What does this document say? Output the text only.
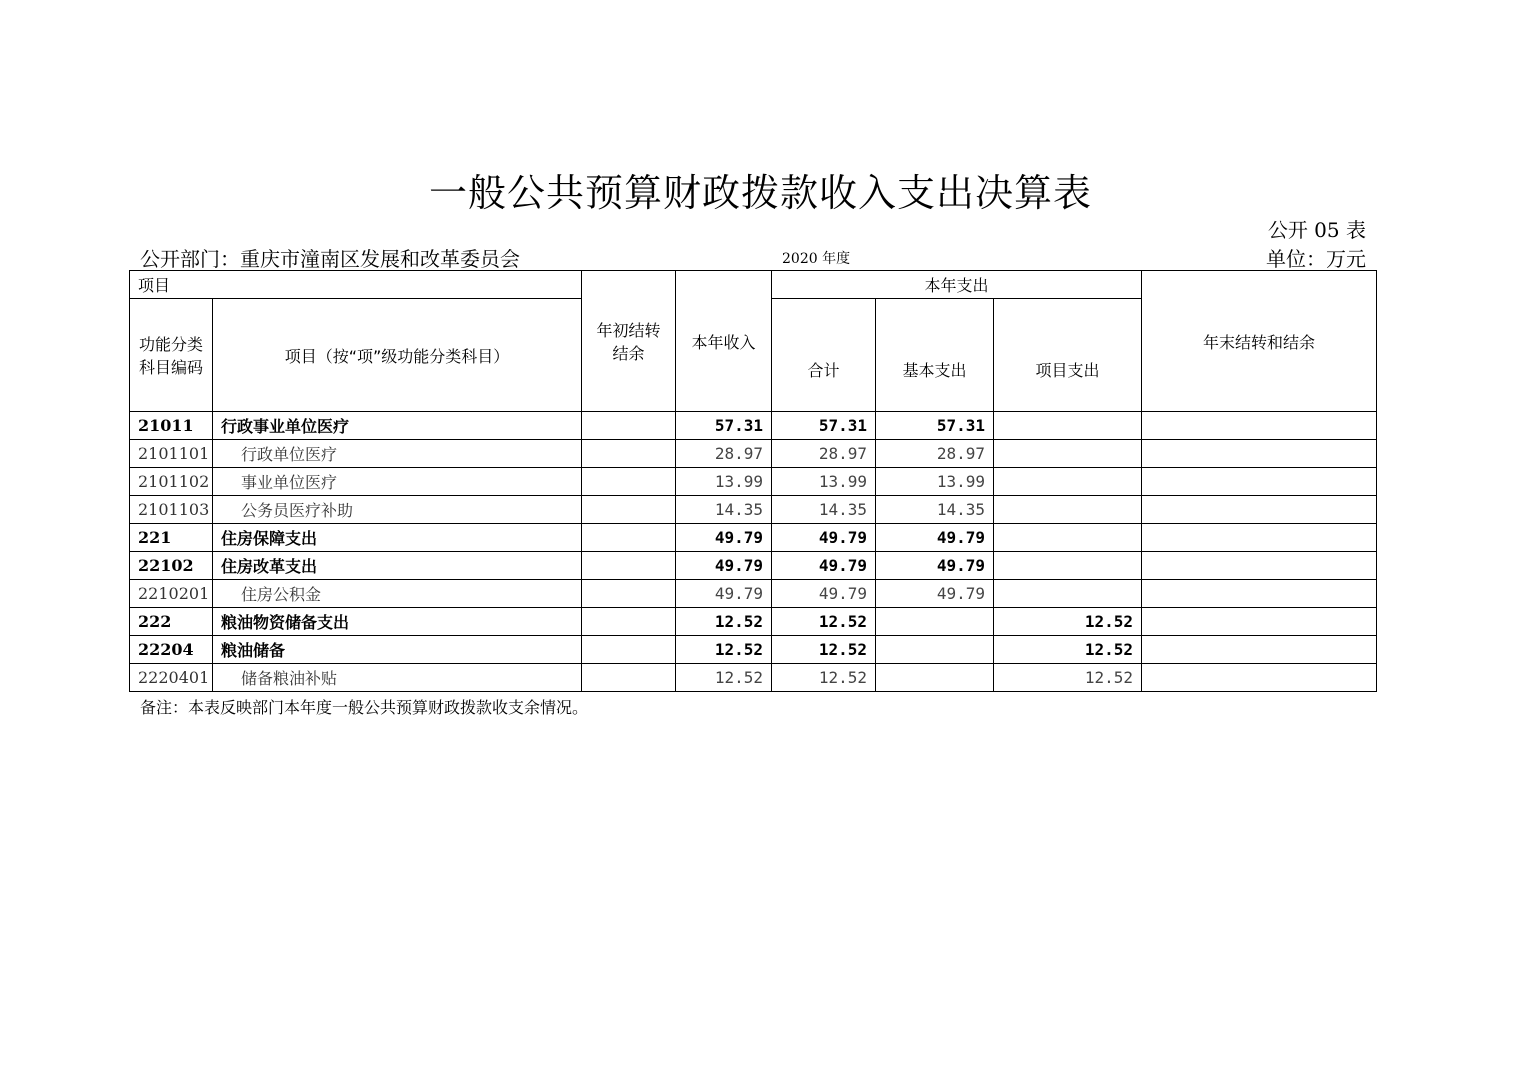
一般公共预算财政拨款收入支出决算表
公开 05 表
公开部门：重庆市潼南区发展和改革委员会	2020 年度	单位：万元
项目		年初结转结余	本年收入	本年支出			年末结转和结余
功能分类科目编码	项目（按“项”级功能分类科目）			合计	基本支出	项目支出	
21011	行政事业单位医疗		57.31	57.31	57.31		
2101101	行政单位医疗		28.97	28.97	28.97		
2101102	事业单位医疗		13.99	13.99	13.99		
2101103	公务员医疗补助		14.35	14.35	14.35		
221	住房保障支出		49.79	49.79	49.79		
22102	住房改革支出		49.79	49.79	49.79		
2210201	住房公积金		49.79	49.79	49.79		
222	粮油物资储备支出		12.52	12.52		12.52	
22204	粮油储备		12.52	12.52		12.52	
2220401	储备粮油补贴		12.52	12.52		12.52	
备注：本表反映部门本年度一般公共预算财政拨款收支余情况。
